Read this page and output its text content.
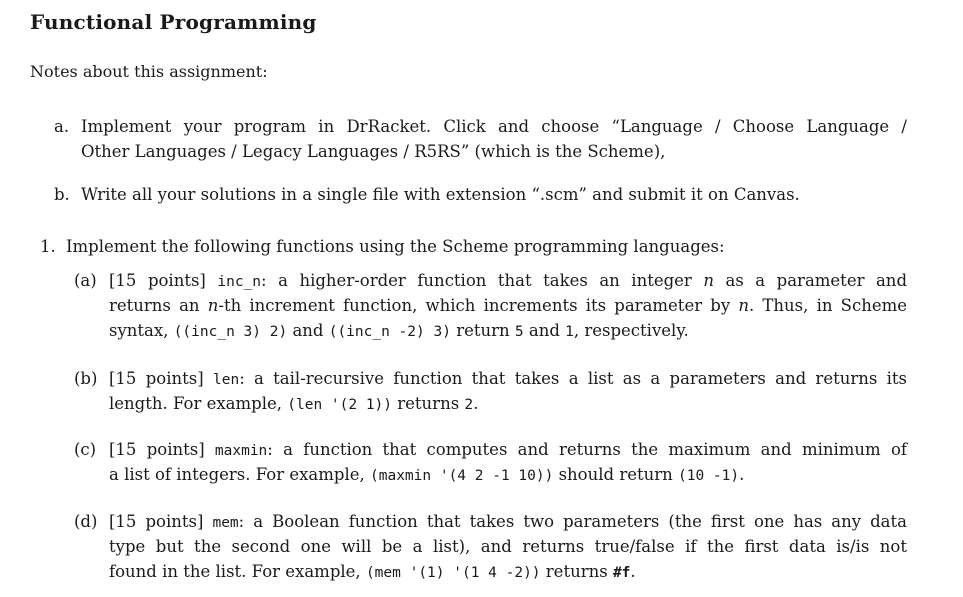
Functional Programming
Notes about this assignment:
a. Implement your program in DrRacket. Click and choose “Language / Choose Language /
Other Languages / Legacy Languages / R5RS” (which is the Scheme),
b. Write all your solutions in a single file with extension “.scm” and submit it on Canvas.
1. Implement the following functions using the Scheme programming languages:
(a) [15 points] inc_n: a higher-order function that takes an integer n as a parameter and
returns an n-th increment function, which increments its parameter by n. Thus, in Scheme
syntax, ((inc_n 3) 2) and ((inc_n -2) 3) return 5 and 1, respectively.
(b) [15 points] len: a tail-recursive function that takes a list as a parameters and returns its
length. For example, (len '(2 1)) returns 2.
(c) [15 points] maxmin: a function that computes and returns the maximum and minimum of
a list of integers. For example, (maxmin '(4 2 -1 10)) should return (10 -1).
(d) [15 points] mem: a Boolean function that takes two parameters (the first one has any data
type but the second one will be a list), and returns true/false if the first data is/is not
found in the list. For example, (mem '(1) '(1 4 -2)) returns #f.
